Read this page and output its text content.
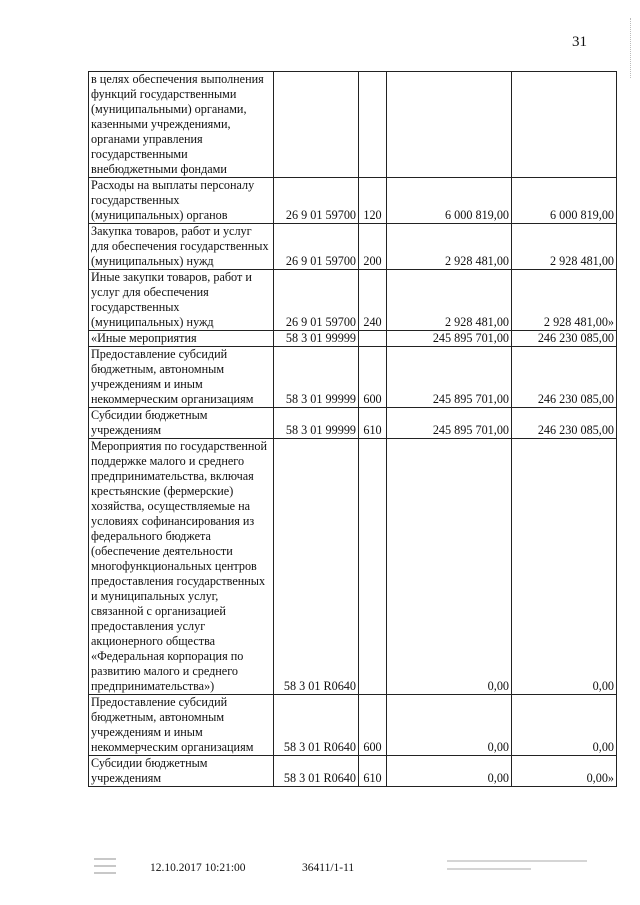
31
в целях обеспечения выполнения функций государственными (муниципальными) органами, казенными учреждениями, органами управления государственными внебюджетными фондами				
Расходы на выплаты персоналу государственных (муниципальных) органов	26 9 01 59700	120	6 000 819,00	6 000 819,00
Закупка товаров, работ и услуг для обеспечения государственных (муниципальных) нужд	26 9 01 59700	200	2 928 481,00	2 928 481,00
Иные закупки товаров, работ и услуг для обеспечения государственных (муниципальных) нужд	26 9 01 59700	240	2 928 481,00	2 928 481,00»
«Иные мероприятия	58 3 01 99999		245 895 701,00	246 230 085,00
Предоставление субсидий бюджетным, автономным учреждениям и иным некоммерческим организациям	58 3 01 99999	600	245 895 701,00	246 230 085,00
Субсидии бюджетным учреждениям	58 3 01 99999	610	245 895 701,00	246 230 085,00
Мероприятия по государственной поддержке малого и среднего предпринимательства, включая крестьянские (фермерские) хозяйства, осуществляемые на условиях софинансирования из федерального бюджета (обеспечение деятельности многофункциональных центров предоставления государственных и муниципальных услуг, связанной с организацией предоставления услуг акционерного общества «Федеральная корпорация по развитию малого и среднего предпринимательства»)	58 3 01 R0640		0,00	0,00
Предоставление субсидий бюджетным, автономным учреждениям и иным некоммерческим организациям	58 3 01 R0640	600	0,00	0,00
Субсидии бюджетным учреждениям	58 3 01 R0640	610	0,00	0,00»
12.10.2017 10:21:00	36411/1-11
